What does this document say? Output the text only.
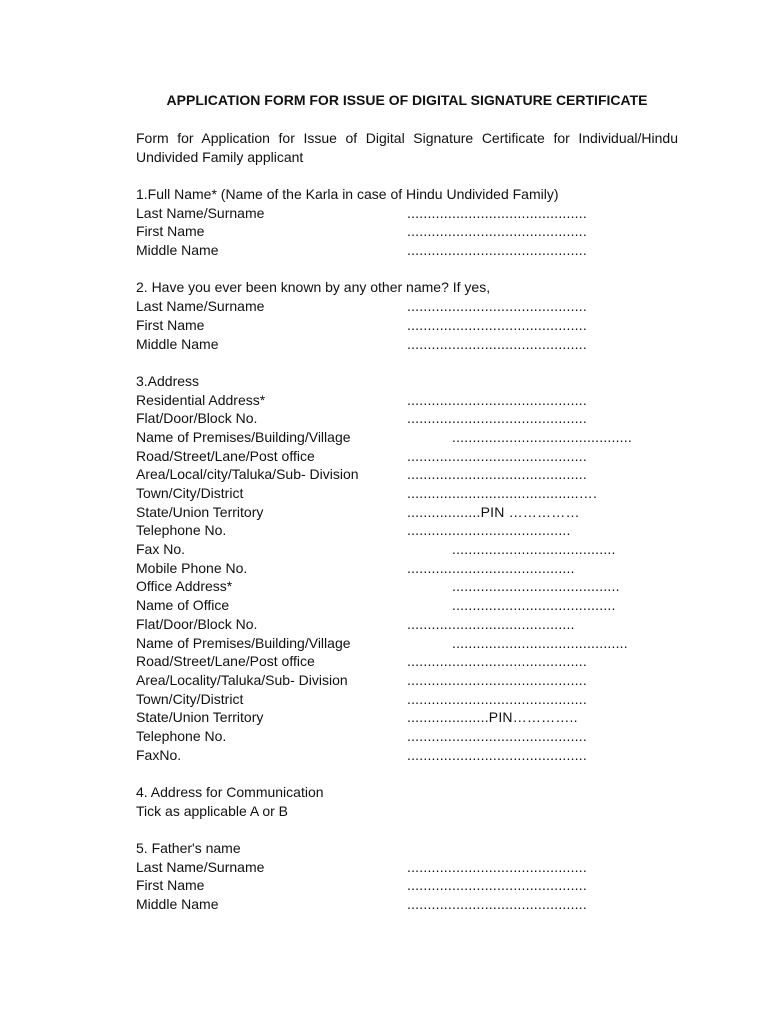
APPLICATION FORM FOR ISSUE OF DIGITAL SIGNATURE CERTIFICATE
Form for Application for Issue of Digital Signature Certificate for Individual/Hindu Undivided Family applicant
1.Full Name* (Name of the Karla in case of Hindu Undivided Family)
Last Name/Surname	............................................
First Name	............................................
Middle Name	............................................
2. Have you ever been known by any other name? If yes,
Last Name/Surname	............................................
First Name	............................................
Middle Name	............................................
3.Address
Residential Address*	............................................
Flat/Door/Block No.	............................................
Name of Premises/Building/Village	............................................
Road/Street/Lane/Post office	............................................
Area/Local/city/Taluka/Sub- Division	............................................
Town/City/District	..........................................….
State/Union Territory	..................PIN ……………
Telephone No.	........................................
Fax No.	........................................
Mobile Phone No.	.........................................
Office Address*	.........................................
Name of Office	........................................
Flat/Door/Block No.	.........................................
Name of Premises/Building/Village	...........................................
Road/Street/Lane/Post office	............................................
Area/Locality/Taluka/Sub- Division	............................................
Town/City/District	............................................
State/Union Territory	....................PIN…………..
Telephone No.	............................................
FaxNo.	............................................
4. Address for Communication
Tick as applicable A or B
5. Father's name
Last Name/Surname	............................................
First Name	............................................
Middle Name	............................................
